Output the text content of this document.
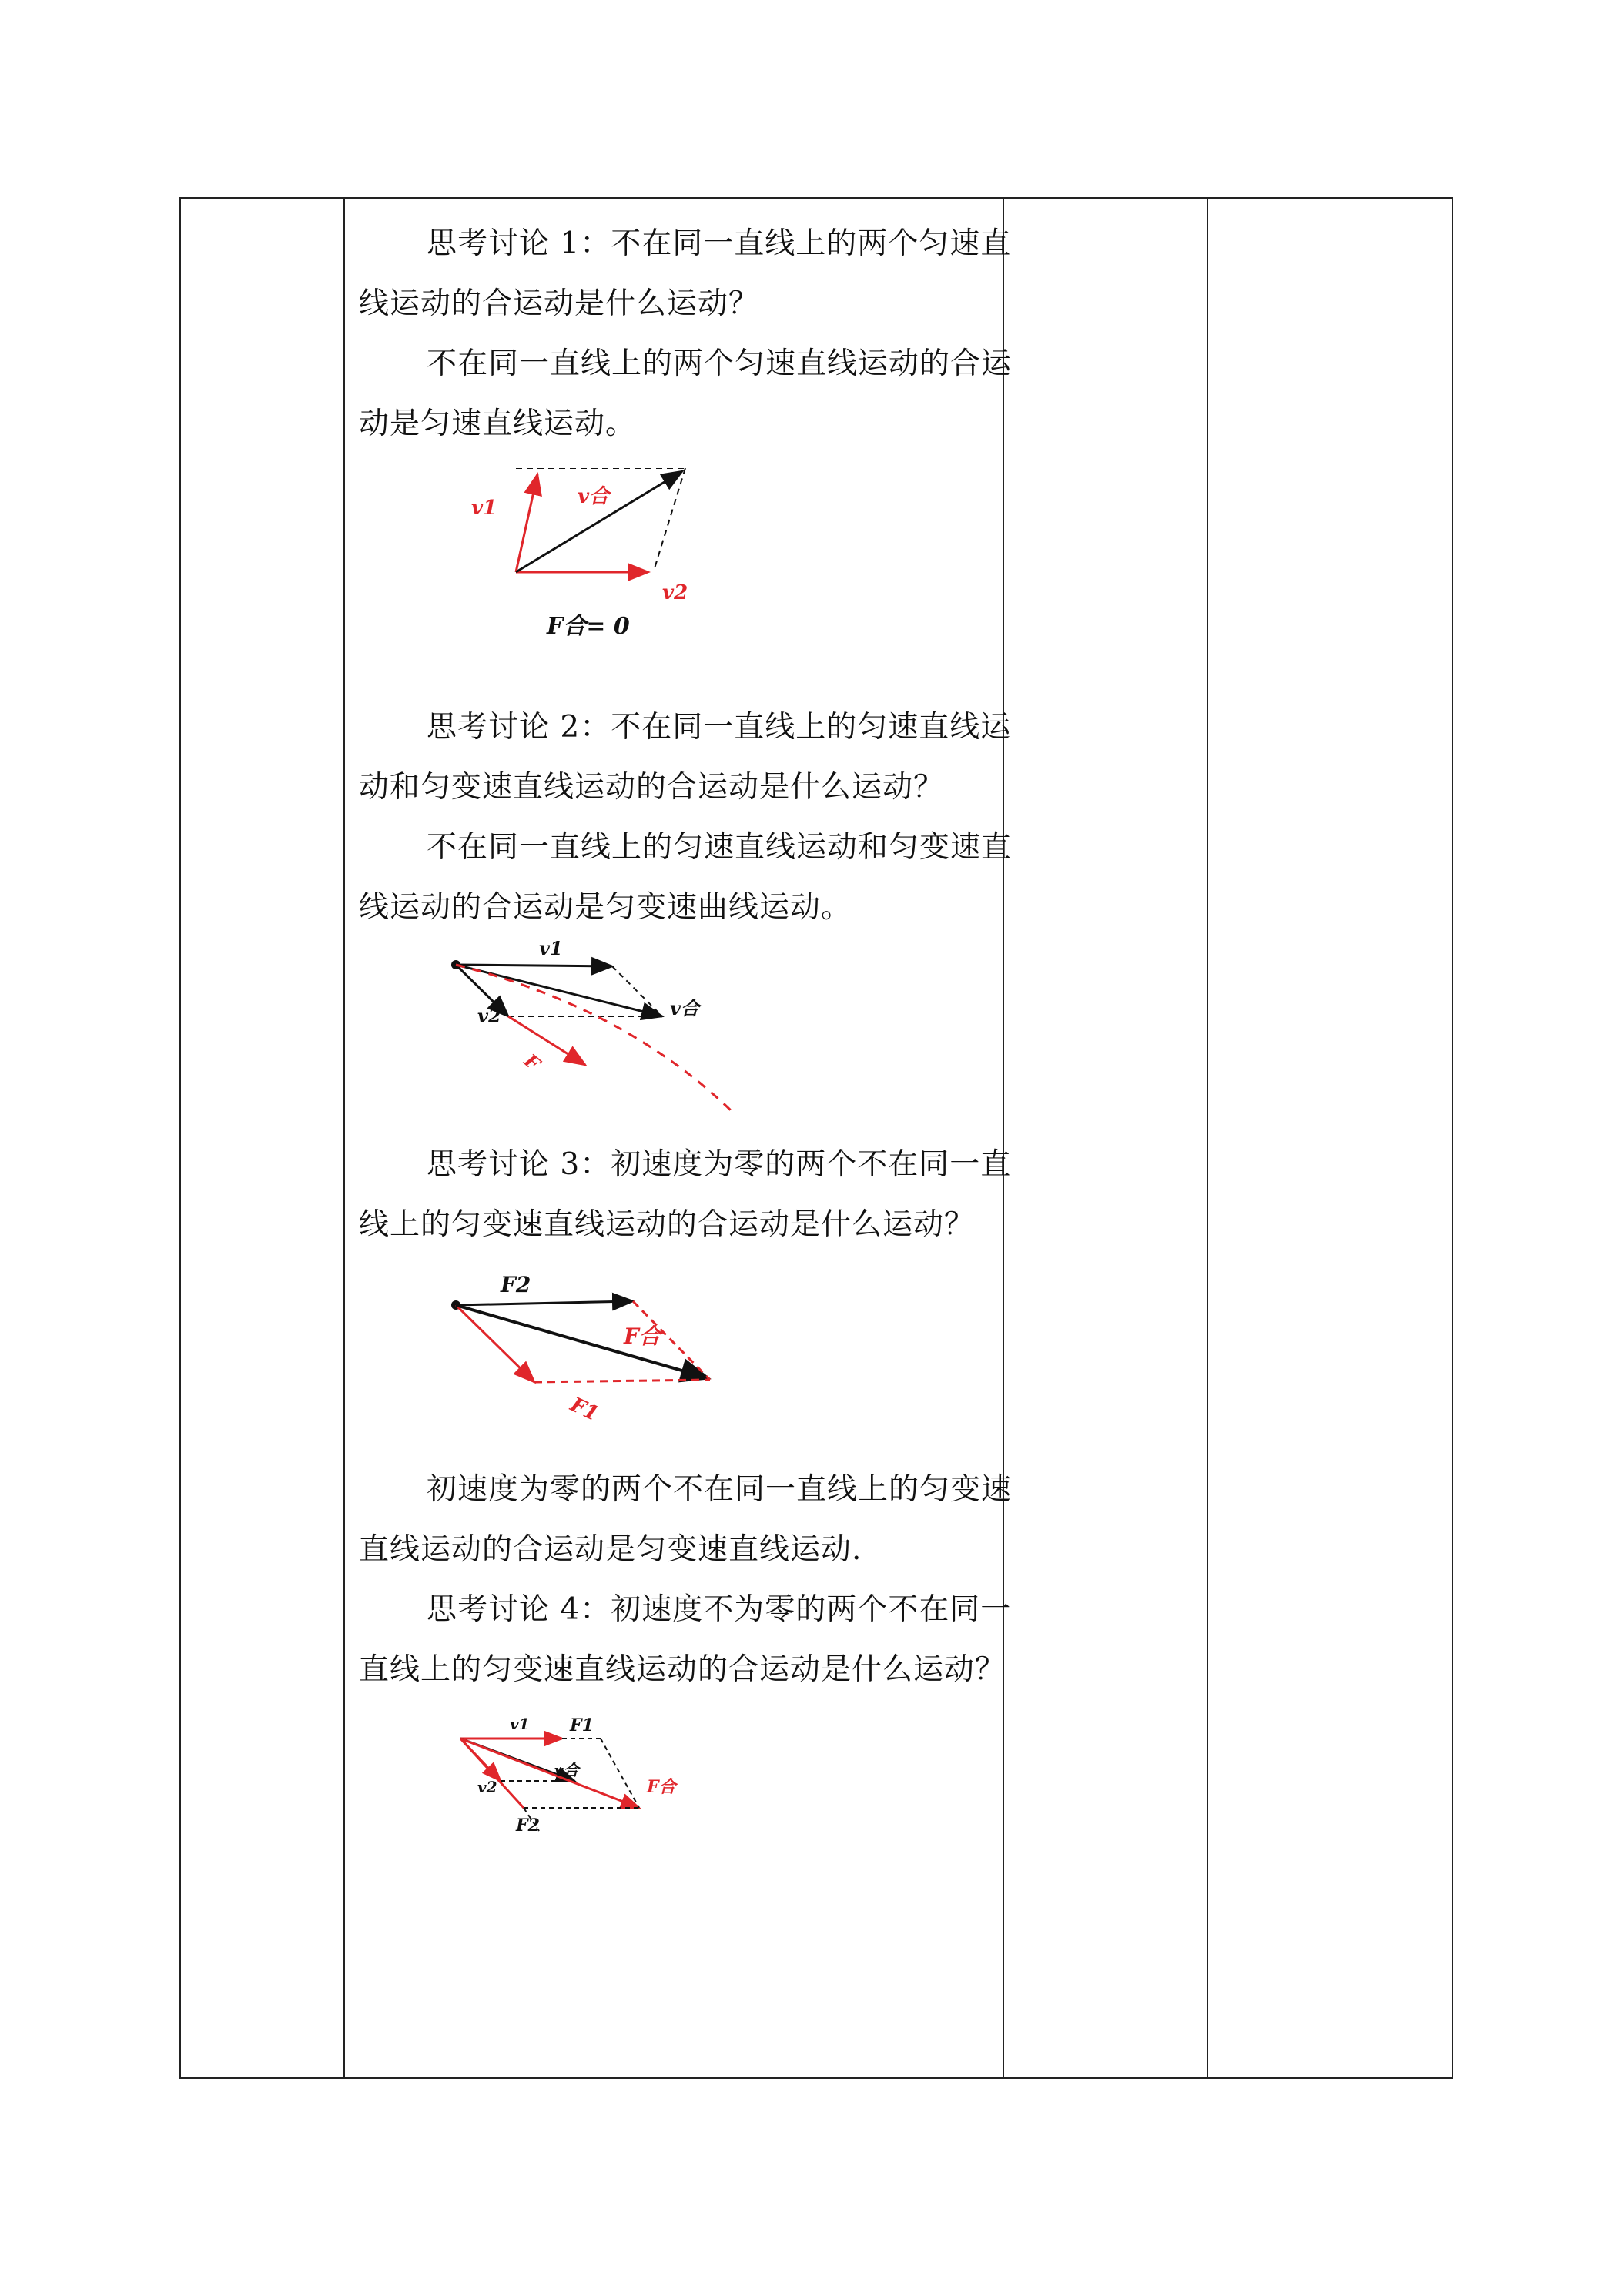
思考讨论 1：不在同一直线上的两个匀速直线运动的合运动是什么运动？

不在同一直线上的两个匀速直线运动的合运动是匀速直线运动。

v1	v合
v2
F合= 0

思考讨论 2：不在同一直线上的匀速直线运动和匀变速直线运动的合运动是什么运动？

不在同一直线上的匀速直线运动和匀变速直线运动的合运动是匀变速曲线运动。

v1
v2	v合
F

思考讨论 3：初速度为零的两个不在同一直线上的匀变速直线运动的合运动是什么运动？

F2
F合
F1

初速度为零的两个不在同一直线上的匀变速直线运动的合运动是匀变速直线运动.

思考讨论 4：初速度不为零的两个不在同一直线上的匀变速直线运动的合运动是什么运动？

v1 F1
v2
v合
F合
F2
